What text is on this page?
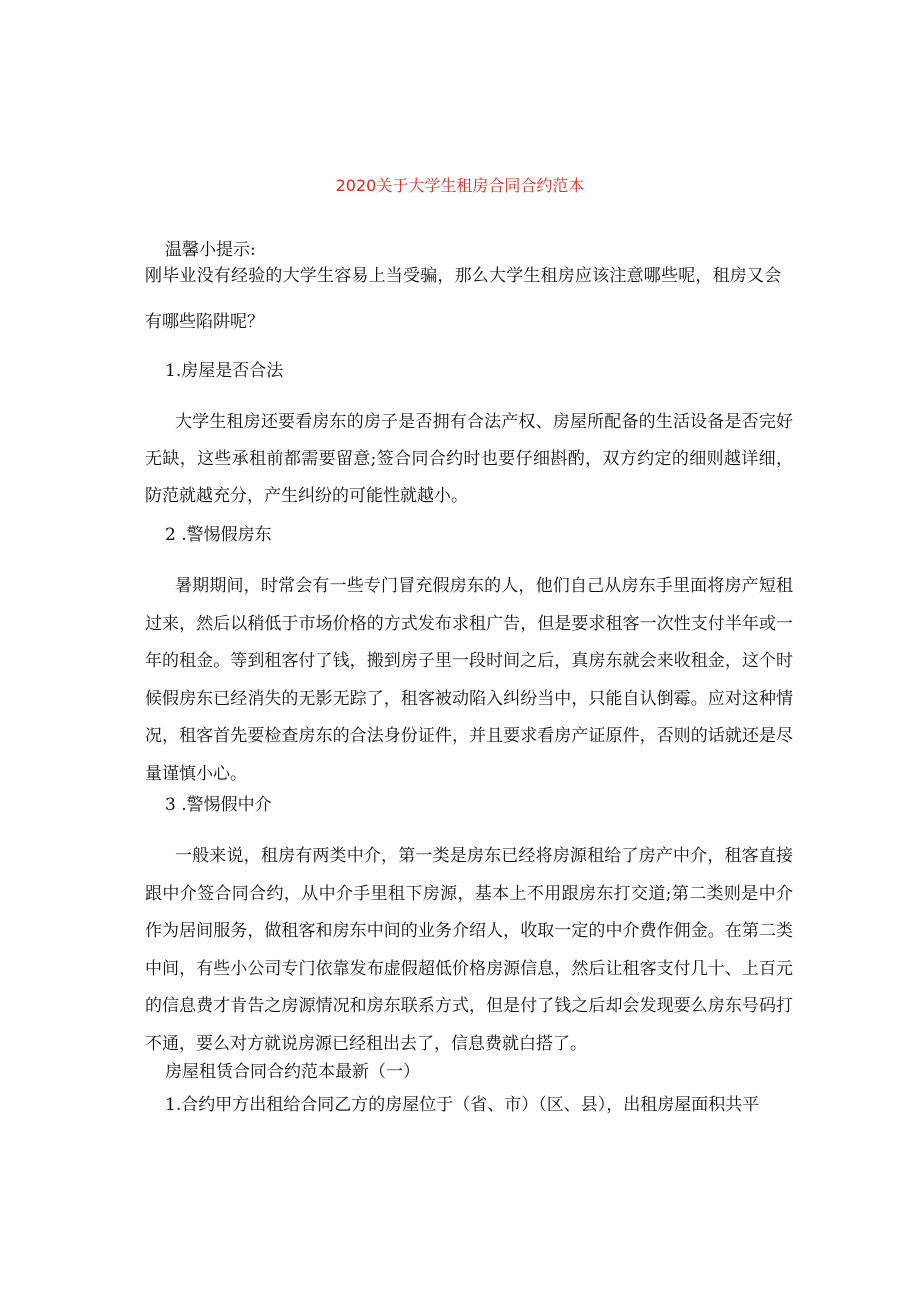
2020关于大学生租房合同合约范本
温馨小提示:
刚毕业没有经验的大学生容易上当受骗，那么大学生租房应该注意哪些呢，租房又会
有哪些陷阱呢？
1.房屋是否合法

大学生租房还要看房东的房子是否拥有合法产权、房屋所配备的生活设备是否完好无缺，这些承租前都需要留意;签合同合约时也要仔细斟酌，双方约定的细则越详细，防范就越充分，产生纠纷的可能性就越小。

2 .警惕假房东

暑期期间，时常会有一些专门冒充假房东的人，他们自己从房东手里面将房产短租过来，然后以稍低于市场价格的方式发布求租广告，但是要求租客一次性支付半年或一年的租金。等到租客付了钱，搬到房子里一段时间之后，真房东就会来收租金，这个时候假房东已经消失的无影无踪了，租客被动陷入纠纷当中，只能自认倒霉。应对这种情况，租客首先要检查房东的合法身份证件，并且要求看房产证原件，否则的话就还是尽量谨慎小心。

3 .警惕假中介

一般来说，租房有两类中介，第一类是房东已经将房源租给了房产中介，租客直接跟中介签合同合约，从中介手里租下房源，基本上不用跟房东打交道;第二类则是中介作为居间服务，做租客和房东中间的业务介绍人，收取一定的中介费作佣金。在第二类中间，有些小公司专门依靠发布虚假超低价格房源信息，然后让租客支付几十、上百元的信息费才肯告之房源情况和房东联系方式，但是付了钱之后却会发现要么房东号码打不通，要么对方就说房源已经租出去了，信息费就白搭了。

房屋租赁合同合约范本最新（一）
1.合约甲方出租给合同乙方的房屋位于（省、市）（区、县），出租房屋面积共平
